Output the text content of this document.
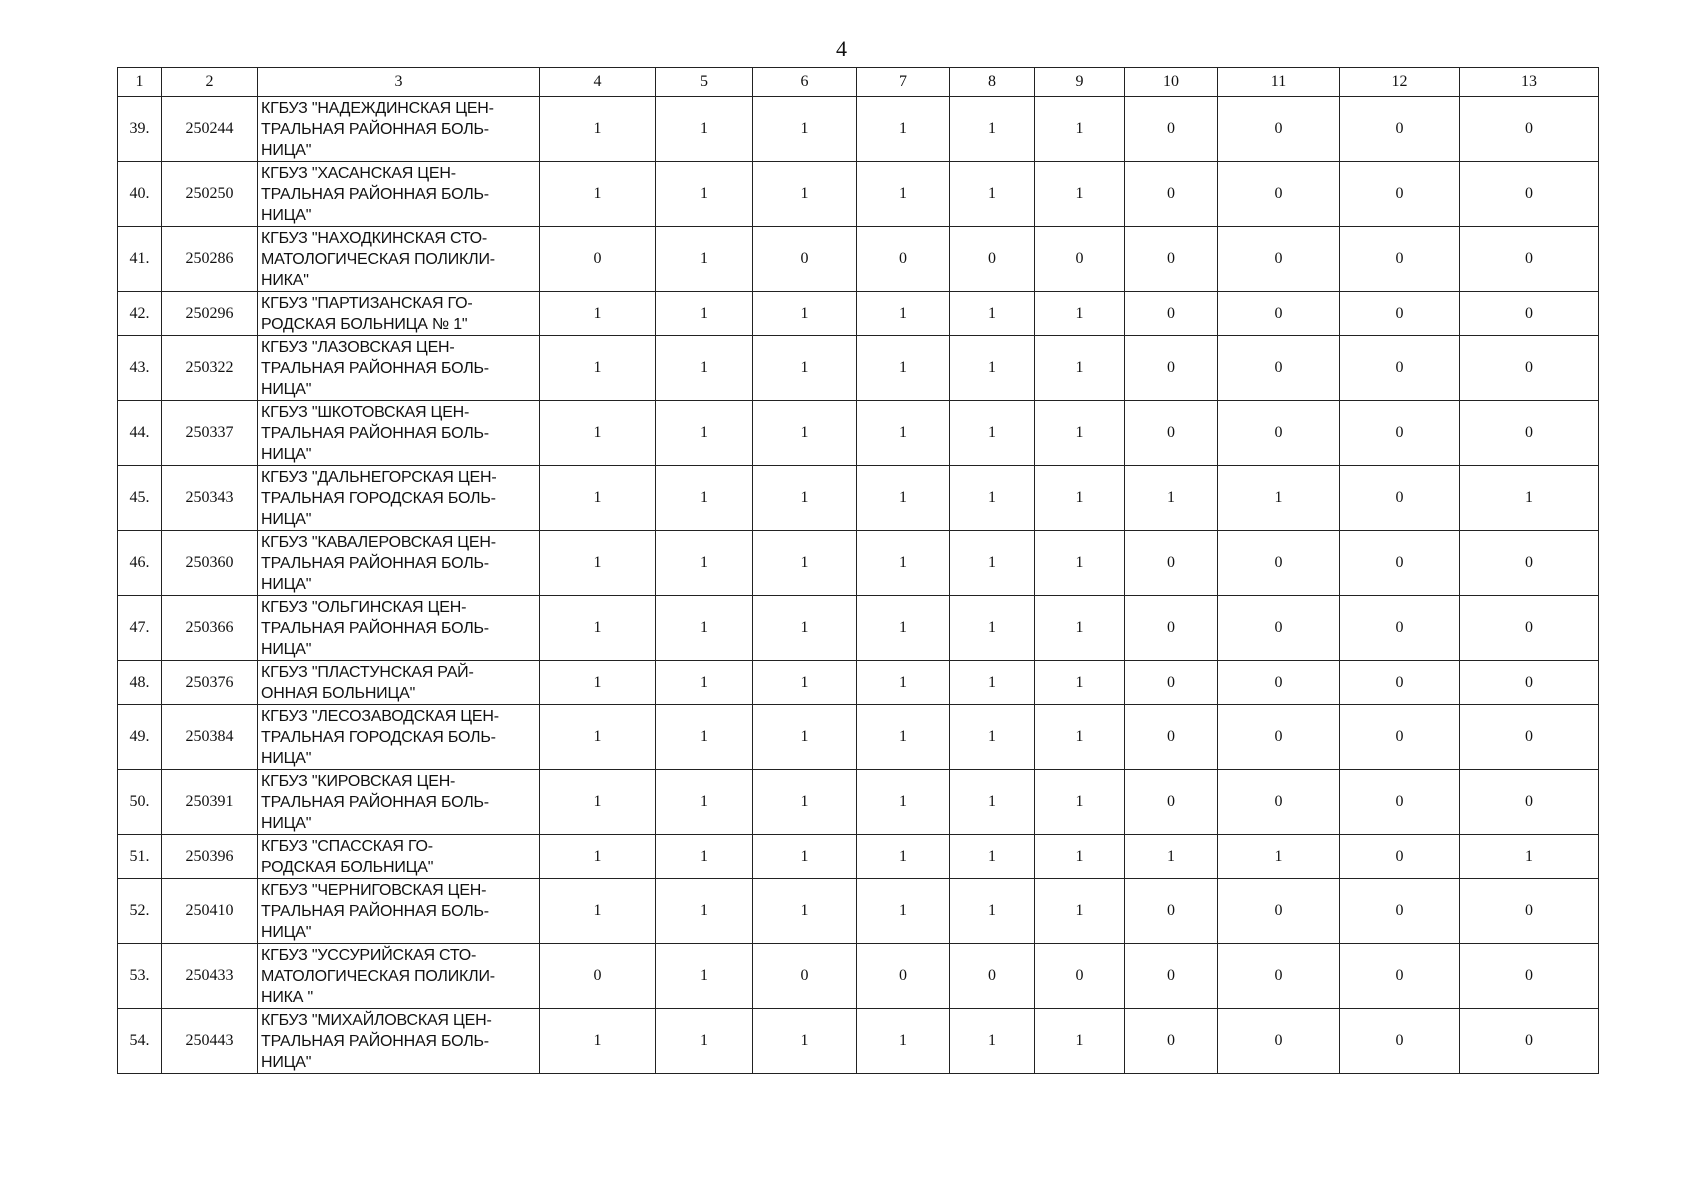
4
1	2	3	4	5	6	7	8	9	10	11	12	13
39.	250244	КГБУЗ "НАДЕЖДИНСКАЯ ЦЕН-
ТРАЛЬНАЯ РАЙОННАЯ БОЛЬ-
НИЦА"	1	1	1	1	1	1	0	0	0	0
40.	250250	КГБУЗ "ХАСАНСКАЯ ЦЕН-
ТРАЛЬНАЯ РАЙОННАЯ БОЛЬ-
НИЦА"	1	1	1	1	1	1	0	0	0	0
41.	250286	КГБУЗ "НАХОДКИНСКАЯ СТО-
МАТОЛОГИЧЕСКАЯ ПОЛИКЛИ-
НИКА"	0	1	0	0	0	0	0	0	0	0
42.	250296	КГБУЗ "ПАРТИЗАНСКАЯ ГО-
РОДСКАЯ БОЛЬНИЦА № 1"	1	1	1	1	1	1	0	0	0	0
43.	250322	КГБУЗ "ЛАЗОВСКАЯ ЦЕН-
ТРАЛЬНАЯ РАЙОННАЯ БОЛЬ-
НИЦА"	1	1	1	1	1	1	0	0	0	0
44.	250337	КГБУЗ "ШКОТОВСКАЯ ЦЕН-
ТРАЛЬНАЯ РАЙОННАЯ БОЛЬ-
НИЦА"	1	1	1	1	1	1	0	0	0	0
45.	250343	КГБУЗ "ДАЛЬНЕГОРСКАЯ ЦЕН-
ТРАЛЬНАЯ ГОРОДСКАЯ БОЛЬ-
НИЦА"	1	1	1	1	1	1	1	1	0	1
46.	250360	КГБУЗ "КАВАЛЕРОВСКАЯ ЦЕН-
ТРАЛЬНАЯ РАЙОННАЯ БОЛЬ-
НИЦА"	1	1	1	1	1	1	0	0	0	0
47.	250366	КГБУЗ "ОЛЬГИНСКАЯ ЦЕН-
ТРАЛЬНАЯ РАЙОННАЯ БОЛЬ-
НИЦА"	1	1	1	1	1	1	0	0	0	0
48.	250376	КГБУЗ "ПЛАСТУНСКАЯ РАЙ-
ОННАЯ БОЛЬНИЦА"	1	1	1	1	1	1	0	0	0	0
49.	250384	КГБУЗ "ЛЕСОЗАВОДСКАЯ ЦЕН-
ТРАЛЬНАЯ ГОРОДСКАЯ БОЛЬ-
НИЦА"	1	1	1	1	1	1	0	0	0	0
50.	250391	КГБУЗ "КИРОВСКАЯ ЦЕН-
ТРАЛЬНАЯ РАЙОННАЯ БОЛЬ-
НИЦА"	1	1	1	1	1	1	0	0	0	0
51.	250396	КГБУЗ "СПАССКАЯ ГО-
РОДСКАЯ БОЛЬНИЦА"	1	1	1	1	1	1	1	1	0	1
52.	250410	КГБУЗ "ЧЕРНИГОВСКАЯ ЦЕН-
ТРАЛЬНАЯ РАЙОННАЯ БОЛЬ-
НИЦА"	1	1	1	1	1	1	0	0	0	0
53.	250433	КГБУЗ "УССУРИЙСКАЯ СТО-
МАТОЛОГИЧЕСКАЯ ПОЛИКЛИ-
НИКА "	0	1	0	0	0	0	0	0	0	0
54.	250443	КГБУЗ "МИХАЙЛОВСКАЯ ЦЕН-
ТРАЛЬНАЯ РАЙОННАЯ БОЛЬ-
НИЦА"	1	1	1	1	1	1	0	0	0	0
